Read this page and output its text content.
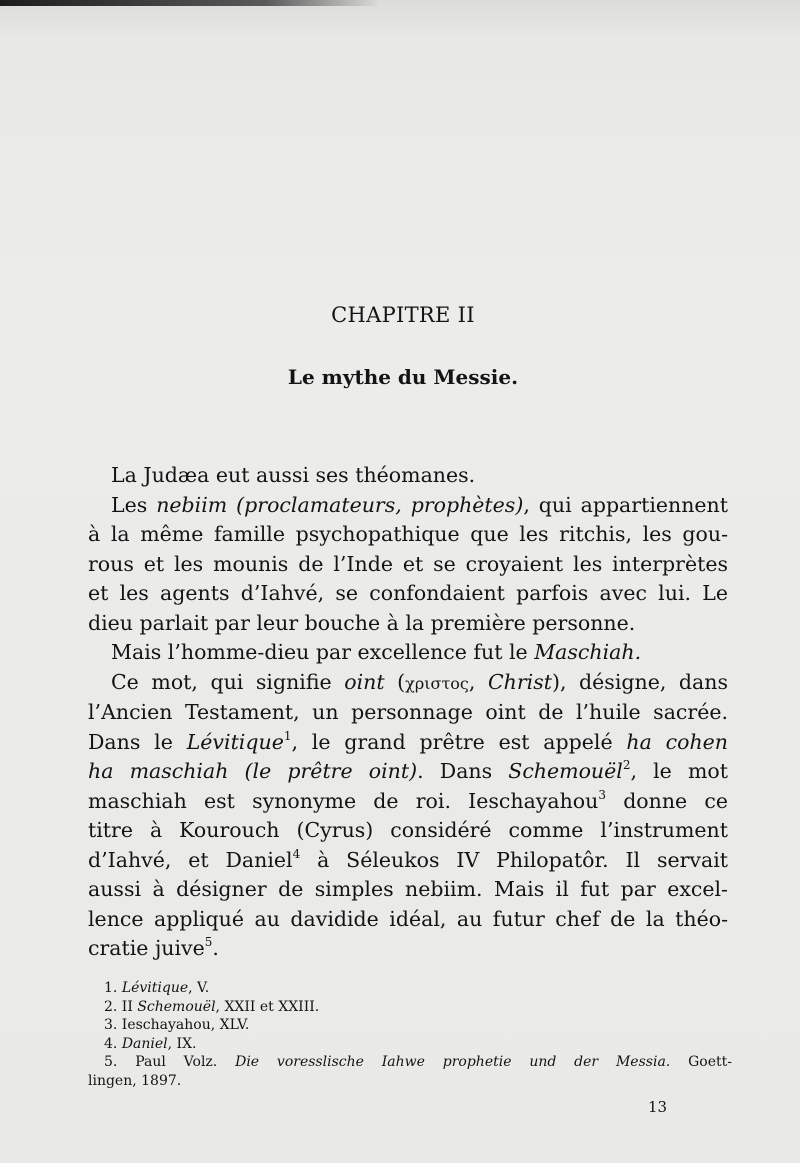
CHAPITRE II
Le mythe du Messie.
La Judæa eut aussi ses théomanes.
Les nebiim (proclamateurs, prophètes), qui appartiennent
à la même famille psychopathique que les ritchis, les gou-
rous et les mounis de l’Inde et se croyaient les interprètes
et les agents d’Iahvé, se confondaient parfois avec lui. Le
dieu parlait par leur bouche à la première personne.
Mais l’homme-dieu par excellence fut le Maschiah.
Ce mot, qui signifie oint (χριστος, Christ), désigne, dans
l’Ancien Testament, un personnage oint de l’huile sacrée.
Dans le Lévitique$^1$, le grand prêtre est appelé ha cohen
ha maschiah (le prêtre oint). Dans Schemouël$^2$, le mot
maschiah est synonyme de roi. Ieschayahou$^3$ donne ce
titre à Kourouch (Cyrus) considéré comme l’instrument
d’Iahvé, et Daniel$^4$ à Séleukos IV Philopatôr. Il servait
aussi à désigner de simples nebiim. Mais il fut par excel-
lence appliqué au davidide idéal, au futur chef de la théo-
cratie juive$^5$.
1. Lévitique, V.
2. II Schemouël, XXII et XXIII.
3. Ieschayahou, XLV.
4. Daniel, IX.
5. Paul Volz. Die voresslische Iahwe prophetie und der Messia. Goett-
lingen, 1897.
13
